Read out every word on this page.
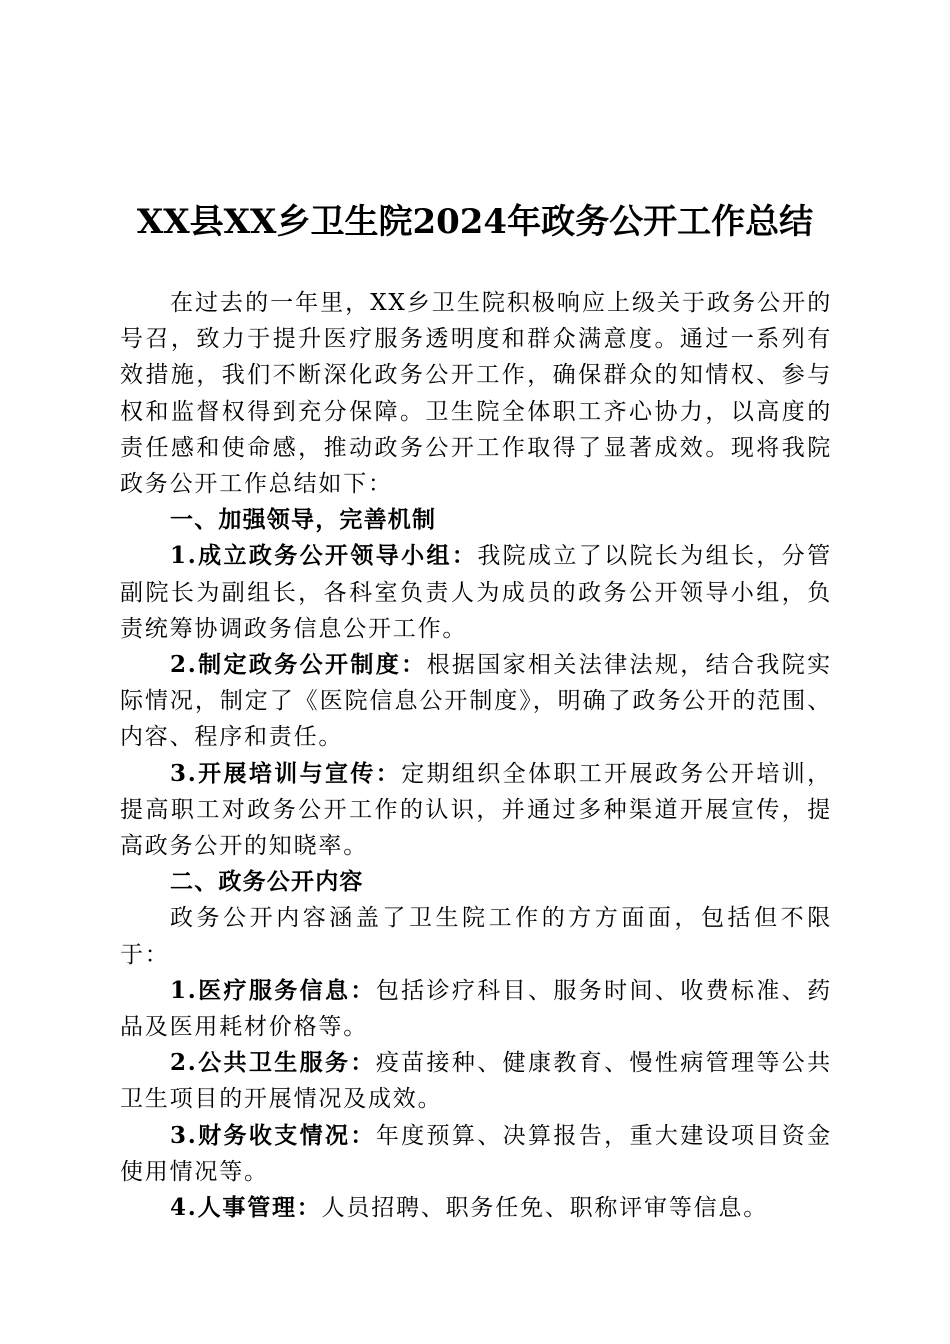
XX县XX乡卫生院2024年政务公开工作总结

在过去的一年里，XX乡卫生院积极响应上级关于政务公开的号召，致力于提升医疗服务透明度和群众满意度。通过一系列有效措施，我们不断深化政务公开工作，确保群众的知情权、参与权和监督权得到充分保障。卫生院全体职工齐心协力，以高度的责任感和使命感，推动政务公开工作取得了显著成效。现将我院政务公开工作总结如下：

一、加强领导，完善机制

1.成立政务公开领导小组：我院成立了以院长为组长，分管副院长为副组长，各科室负责人为成员的政务公开领导小组，负责统筹协调政务信息公开工作。

2.制定政务公开制度：根据国家相关法律法规，结合我院实际情况，制定了《医院信息公开制度》，明确了政务公开的范围、内容、程序和责任。

3.开展培训与宣传：定期组织全体职工开展政务公开培训，提高职工对政务公开工作的认识，并通过多种渠道开展宣传，提高政务公开的知晓率。

二、政务公开内容

政务公开内容涵盖了卫生院工作的方方面面，包括但不限于：

1.医疗服务信息：包括诊疗科目、服务时间、收费标准、药品及医用耗材价格等。

2.公共卫生服务：疫苗接种、健康教育、慢性病管理等公共卫生项目的开展情况及成效。

3.财务收支情况：年度预算、决算报告，重大建设项目资金使用情况等。

4.人事管理：人员招聘、职务任免、职称评审等信息。
